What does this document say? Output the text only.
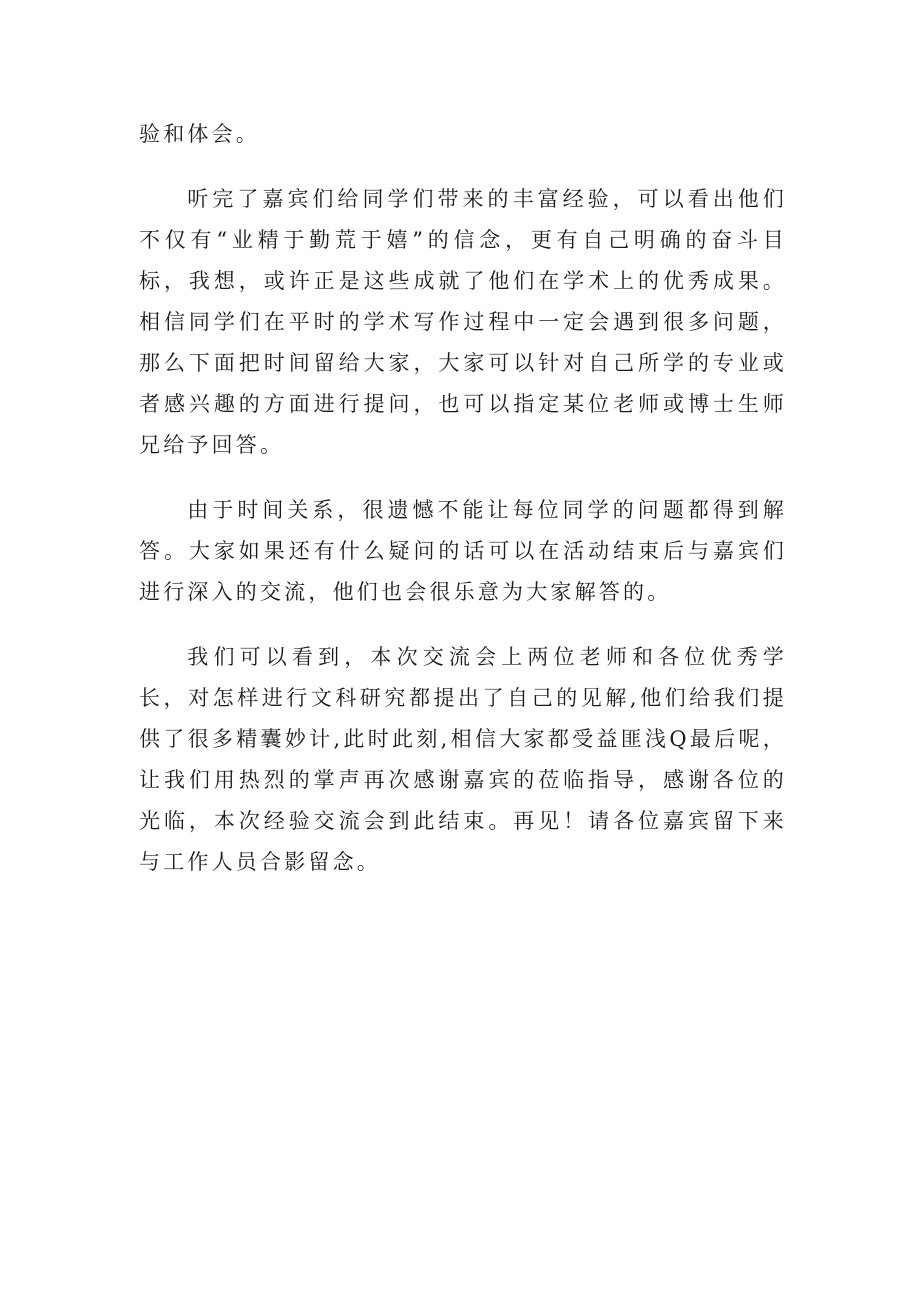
验和体会。

听完了嘉宾们给同学们带来的丰富经验，可以看出他们不仅有“业精于勤荒于嬉”的信念，更有自己明确的奋斗目标，我想，或许正是这些成就了他们在学术上的优秀成果。相信同学们在平时的学术写作过程中一定会遇到很多问题，那么下面把时间留给大家，大家可以针对自己所学的专业或者感兴趣的方面进行提问，也可以指定某位老师或博士生师兄给予回答。

由于时间关系，很遗憾不能让每位同学的问题都得到解答。大家如果还有什么疑问的话可以在活动结束后与嘉宾们进行深入的交流，他们也会很乐意为大家解答的。

我们可以看到，本次交流会上两位老师和各位优秀学长，对怎样进行文科研究都提出了自己的见解,他们给我们提供了很多精囊妙计,此时此刻,相信大家都受益匪浅Q最后呢，让我们用热烈的掌声再次感谢嘉宾的莅临指导，感谢各位的光临，本次经验交流会到此结束。再见！请各位嘉宾留下来与工作人员合影留念。
